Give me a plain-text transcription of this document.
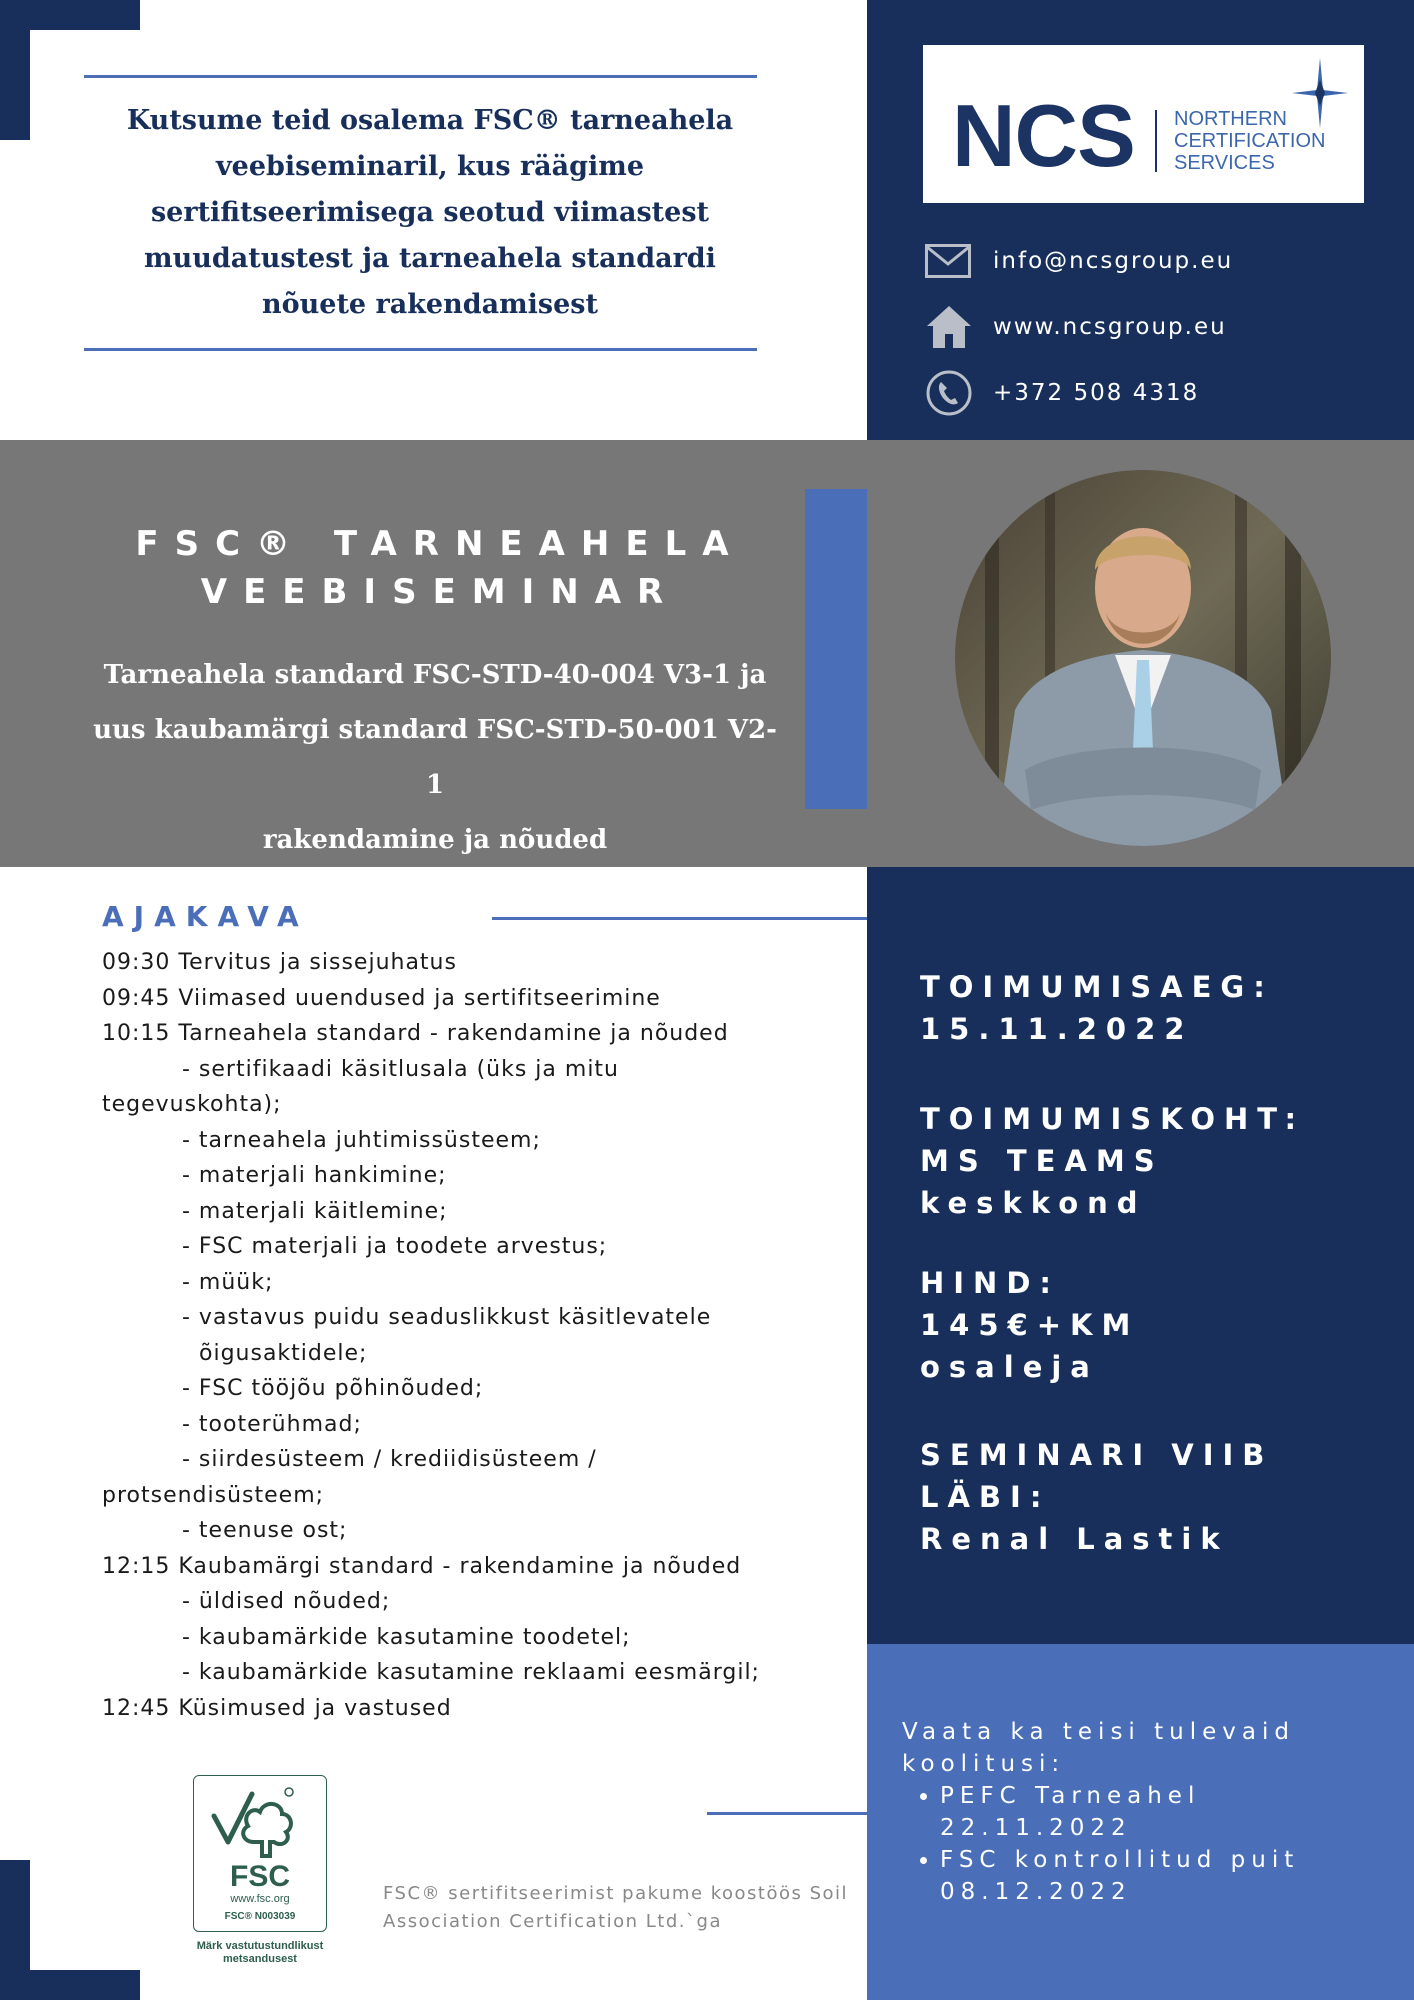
Kutsume teid osalema FSC® tarneahela
veebiseminaril, kus räägime
sertifitseerimisega seotud viimastest
muudatustest ja tarneahela standardi
nõuete rakendamisest
NCS NORTHERN
CERTIFICATION
SERVICES
info@ncsgroup.eu
www.ncsgroup.eu
+372 508 4318
FSC® TARNEAHELA
VEEBISEMINAR
Tarneahela standard FSC-STD-40-004 V3-1 ja
uus kaubamärgi standard FSC-STD-50-001 V2-1
rakendamine ja nõuded
AJAKAVA
09:30 Tervitus ja sissejuhatus
09:45 Viimased uuendused ja sertifitseerimine
10:15 Tarneahela standard - rakendamine ja nõuded
- sertifikaadi käsitlusala (üks ja mitu
tegevuskohta);
- tarneahela juhtimissüsteem;
- materjali hankimine;
- materjali käitlemine;
- FSC materjali ja toodete arvestus;
- müük;
- vastavus puidu seaduslikkust käsitlevatele
õigusaktidele;
- FSC tööjõu põhinõuded;
- tooterühmad;
- siirdesüsteem / krediidisüsteem /
protsendisüsteem;
- teenuse ost;
12:15 Kaubamärgi standard - rakendamine ja nõuded
- üldised nõuded;
- kaubamärkide kasutamine toodetel;
- kaubamärkide kasutamine reklaami eesmärgil;
12:45 Küsimused ja vastused
TOIMUMISAEG:
15.11.2022
TOIMUMISKOHT:
MS TEAMS
keskkond
HIND:
145€+KM
osaleja
SEMINARI VIIB
LÄBI:
Renal Lastik
Vaata ka teisi tulevaid koolitusi:
• PEFC Tarneahel
22.11.2022
• FSC kontrollitud puit
08.12.2022
FSC
www.fsc.org
FSC® N003039
Märk vastutustundlikust metsandusest
FSC® sertifitseerimist pakume koostöös Soil Association Certification Ltd.`ga
